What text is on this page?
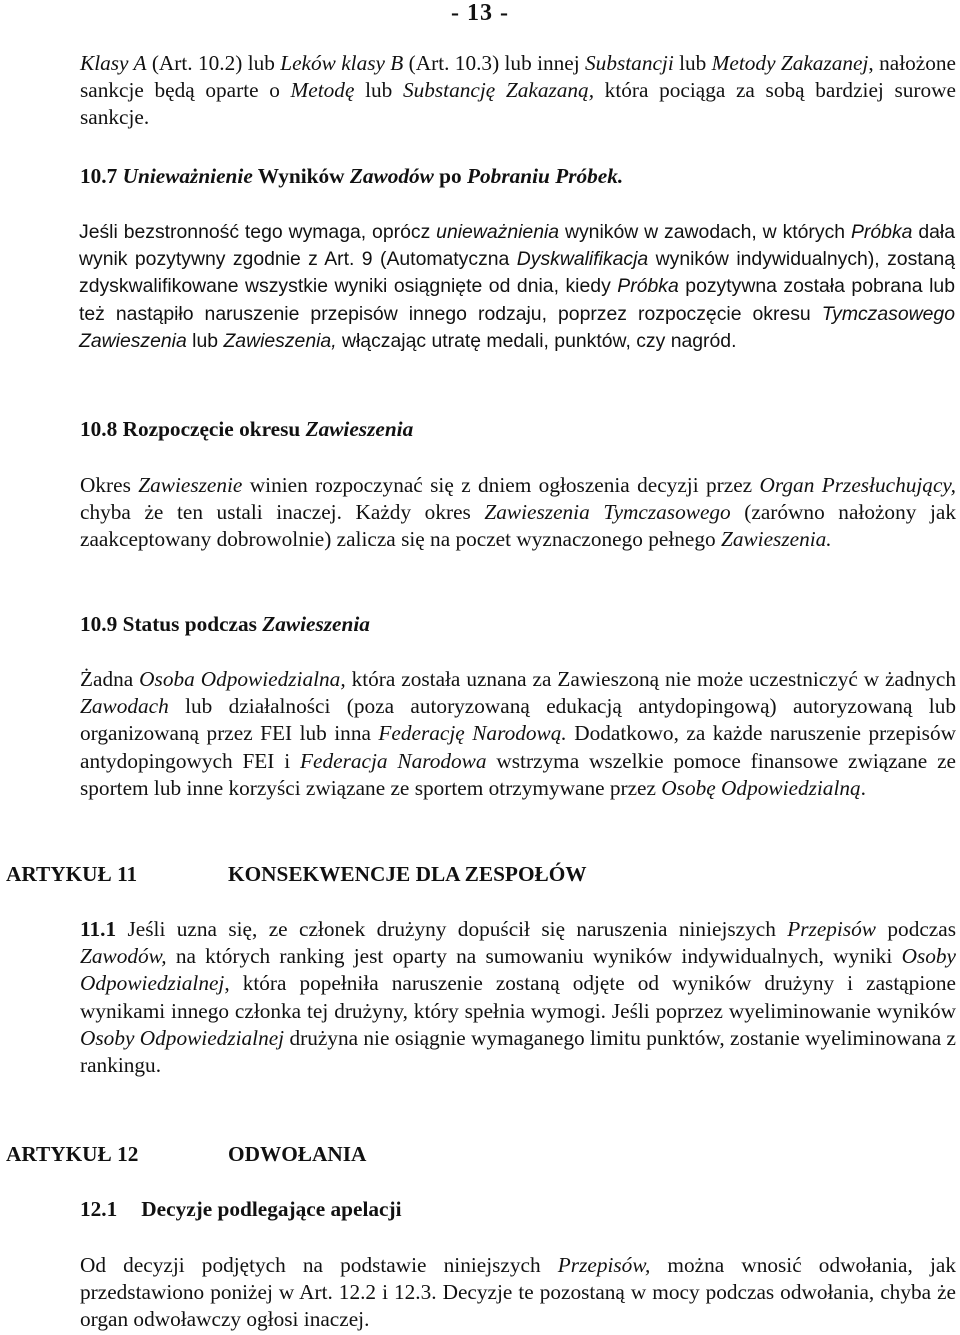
- 13 -

Klasy A (Art. 10.2) lub Leków klasy B (Art. 10.3) lub innej Substancji lub Metody Zakazanej, nałożone sankcje będą oparte o Metodę lub Substancję Zakazaną, która pociąga za sobą bardziej surowe sankcje.

10.7 Unieważnienie Wyników Zawodów po Pobraniu Próbek.

Jeśli bezstronność tego wymaga, oprócz unieważnienia wyników w zawodach, w których Próbka dała wynik pozytywny zgodnie z Art. 9 (Automatyczna Dyskwalifikacja wyników indywidualnych), zostaną zdyskwalifikowane wszystkie wyniki osiągnięte od dnia, kiedy Próbka pozytywna została pobrana lub też nastąpiło naruszenie przepisów innego rodzaju, poprzez rozpoczęcie okresu Tymczasowego Zawieszenia lub Zawieszenia, włączając utratę medali, punktów, czy nagród.

10.8 Rozpoczęcie okresu Zawieszenia

Okres Zawieszenie winien rozpoczynać się z dniem ogłoszenia decyzji przez Organ Przesłuchujący, chyba że ten ustali inaczej. Każdy okres Zawieszenia Tymczasowego (zarówno nałożony jak zaakceptowany dobrowolnie) zalicza się na poczet wyznaczonego pełnego Zawieszenia.

10.9 Status podczas Zawieszenia

Żadna Osoba Odpowiedzialna, która została uznana za Zawieszoną nie może uczestniczyć w żadnych Zawodach lub działalności (poza autoryzowaną edukacją antydopingową) autoryzowaną lub organizowaną przez FEI lub inna Federację Narodową. Dodatkowo, za każde naruszenie przepisów antydopingowych FEI i Federacja Narodowa wstrzyma wszelkie pomoce finansowe związane ze sportem lub inne korzyści związane ze sportem otrzymywane przez Osobę Odpowiedzialną.

ARTYKUŁ 11	KONSEKWENCJE DLA ZESPOŁÓW

11.1 Jeśli uzna się, ze członek drużyny dopuścił się naruszenia niniejszych Przepisów podczas Zawodów, na których ranking jest oparty na sumowaniu wyników indywidualnych, wyniki Osoby Odpowiedzialnej, która popełniła naruszenie zostaną odjęte od wyników drużyny i zastąpione wynikami innego członka tej drużyny, który spełnia wymogi. Jeśli poprzez wyeliminowanie wyników Osoby Odpowiedzialnej drużyna nie osiągnie wymaganego limitu punktów, zostanie wyeliminowana z rankingu.

ARTYKUŁ 12	ODWOŁANIA
12.1 Decyzje podlegające apelacji

Od decyzji podjętych na podstawie niniejszych Przepisów, można wnosić odwołania, jak przedstawiono poniżej w Art. 12.2 i 12.3. Decyzje te pozostaną w mocy podczas odwołania, chyba że organ odwoławczy ogłosi inaczej.
